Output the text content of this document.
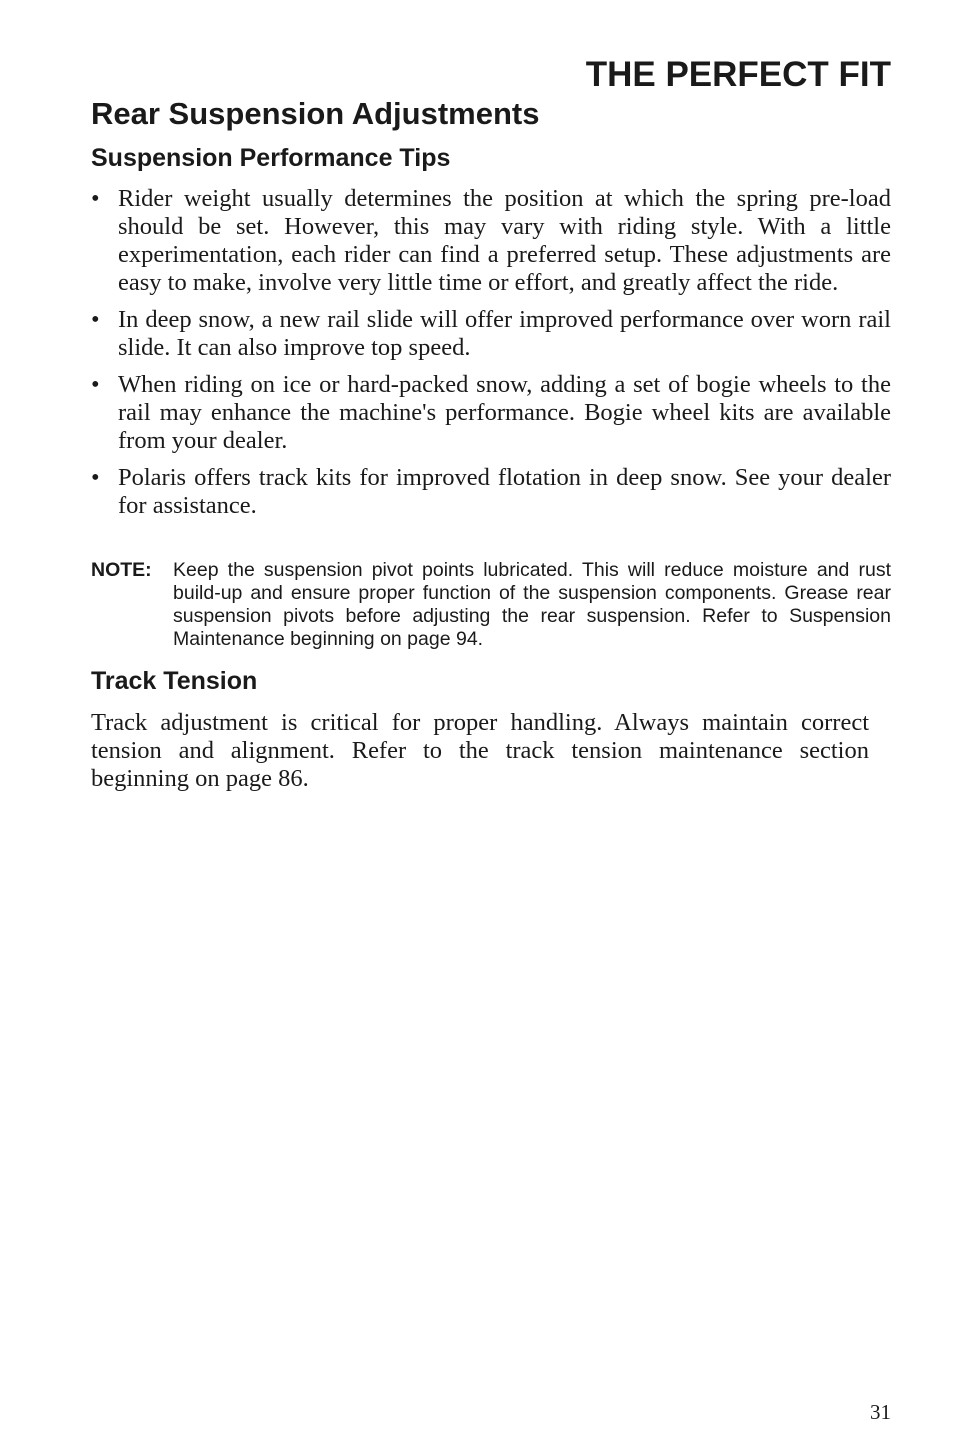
THE PERFECT FIT
Rear Suspension Adjustments
Suspension Performance Tips
• Rider weight usually determines the position at which the spring pre-load should be set. However, this may vary with riding style. With a little experimentation, each rider can find a preferred setup. These adjustments are easy to make, involve very little time or effort, and greatly affect the ride.
• In deep snow, a new rail slide will offer improved performance over worn rail slide. It can also improve top speed.
• When riding on ice or hard-packed snow, adding a set of bogie wheels to the rail may enhance the machine's performance. Bogie wheel kits are available from your dealer.
• Polaris offers track kits for improved flotation in deep snow. See your dealer for assistance.
NOTE: Keep the suspension pivot points lubricated. This will reduce moisture and rust build-up and ensure proper function of the suspension components. Grease rear suspension pivots before adjusting the rear suspension. Refer to Suspension Maintenance beginning on page 94.
Track Tension

Track adjustment is critical for proper handling. Always maintain correct tension and alignment. Refer to the track tension maintenance section beginning on page 86.

31
